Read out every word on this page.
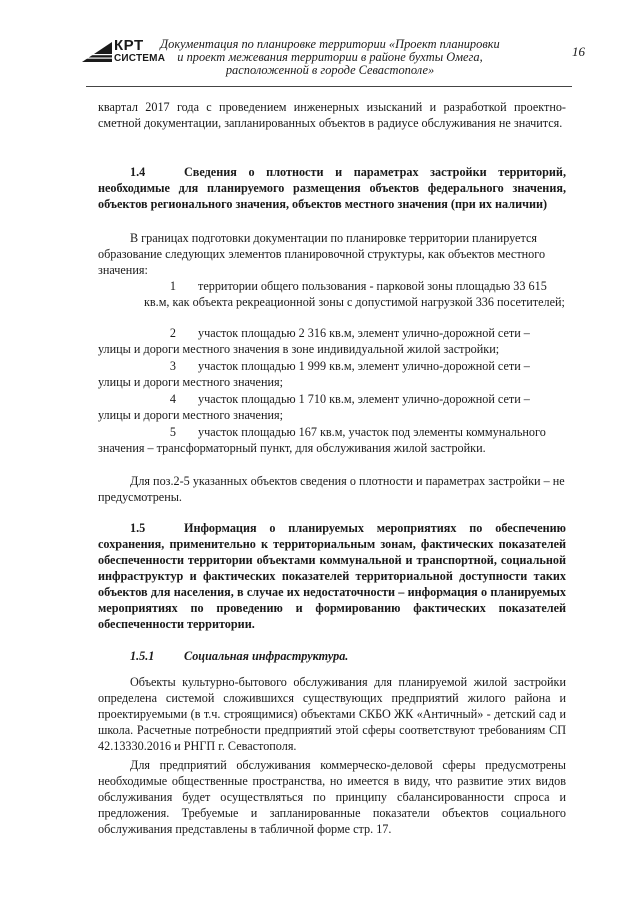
КРТ
СИСТЕМА
Документация по планировке территории «Проект планировки
и проект межевания территории в районе бухты Омега,
расположенной в городе Севастополе»
16
квартал 2017 года с проведением инженерных изысканий и разработкой проектно-сметной документации, запланированных объектов в радиусе обслуживания не значится.
1.4	Сведения о плотности и параметрах застройки территорий, необходимые для планируемого размещения объектов федерального значения, объектов регионального значения, объектов местного значения (при их наличии)
В границах подготовки документации по планировке территории планируется образование следующих элементов планировочной структуры, как объектов местного значения:
1 территории общего пользования - парковой зоны площадью 33 615
кв.м, как объекта рекреационной зоны с допустимой нагрузкой 336 посетителей;
2 участок площадью 2 316 кв.м, элемент улично-дорожной сети –
улицы и дороги местного значения в зоне индивидуальной жилой застройки;
3 участок площадью 1 999 кв.м, элемент улично-дорожной сети –
улицы и дороги местного значения;
4 участок площадью 1 710 кв.м, элемент улично-дорожной сети –
улицы и дороги местного значения;
5 участок площадью 167 кв.м, участок под элементы коммунального
значения – трансформаторный пункт, для обслуживания жилой застройки.
Для поз.2-5 указанных объектов сведения о плотности и параметрах застройки – не предусмотрены.
1.5	Информация о планируемых мероприятиях по обеспечению сохранения, применительно к территориальным зонам, фактических показателей обеспеченности территории объектами коммунальной и транспортной, социальной инфраструктур и фактических показателей территориальной доступности таких объектов для населения, в случае их недостаточности – информация о планируемых мероприятиях по проведению и формированию фактических показателей обеспеченности территории.
1.5.1 Социальная инфраструктура.
Объекты культурно-бытового обслуживания для планируемой жилой застройки определена системой сложившихся существующих предприятий жилого района и проектируемыми (в т.ч. строящимися) объектами СКБО ЖК «Античный» - детский сад и школа. Расчетные потребности предприятий этой сферы соответствуют требованиям СП 42.13330.2016 и РНГП г. Севастополя.
Для предприятий обслуживания коммерческо-деловой сферы предусмотрены необходимые общественные пространства, но имеется в виду, что развитие этих видов обслуживания будет осуществляться по принципу сбалансированности спроса и предложения. Требуемые и запланированные показатели объектов социального обслуживания представлены в табличной форме стр. 17.
